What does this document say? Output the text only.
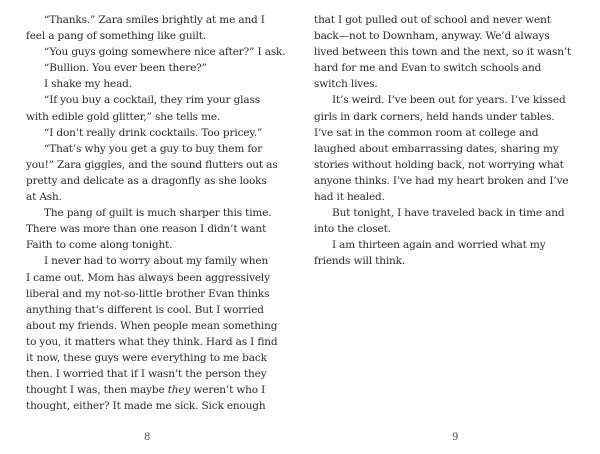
“Thanks.” Zara smiles brightly at me and I
feel a pang of something like guilt.
“You guys going somewhere nice after?” I ask.
“Bullion. You ever been there?”
I shake my head.
“If you buy a cocktail, they rim your glass
with edible gold glitter,” she tells me.
“I don’t really drink cocktails. Too pricey.”
“That’s why you get a guy to buy them for
you!” Zara giggles, and the sound flutters out as
pretty and delicate as a dragonfly as she looks
at Ash.
The pang of guilt is much sharper this time.
There was more than one reason I didn’t want
Faith to come along tonight.
I never had to worry about my family when
I came out. Mom has always been aggressively
liberal and my not-so-little brother Evan thinks
anything that’s different is cool. But I worried
about my friends. When people mean something
to you, it matters what they think. Hard as I find
it now, these guys were everything to me back
then. I worried that if I wasn’t the person they
thought I was, then maybe they weren’t who I
thought, either? It made me sick. Sick enough
8
that I got pulled out of school and never went
back—not to Downham, anyway. We’d always
lived between this town and the next, so it wasn’t
hard for me and Evan to switch schools and
switch lives.
It’s weird. I’ve been out for years. I’ve kissed
girls in dark corners, held hands under tables.
I’ve sat in the common room at college and
laughed about embarrassing dates, sharing my
stories without holding back, not worrying what
anyone thinks. I’ve had my heart broken and I’ve
had it healed.
But tonight, I have traveled back in time and
into the closet.
I am thirteen again and worried what my
friends will think.
9
